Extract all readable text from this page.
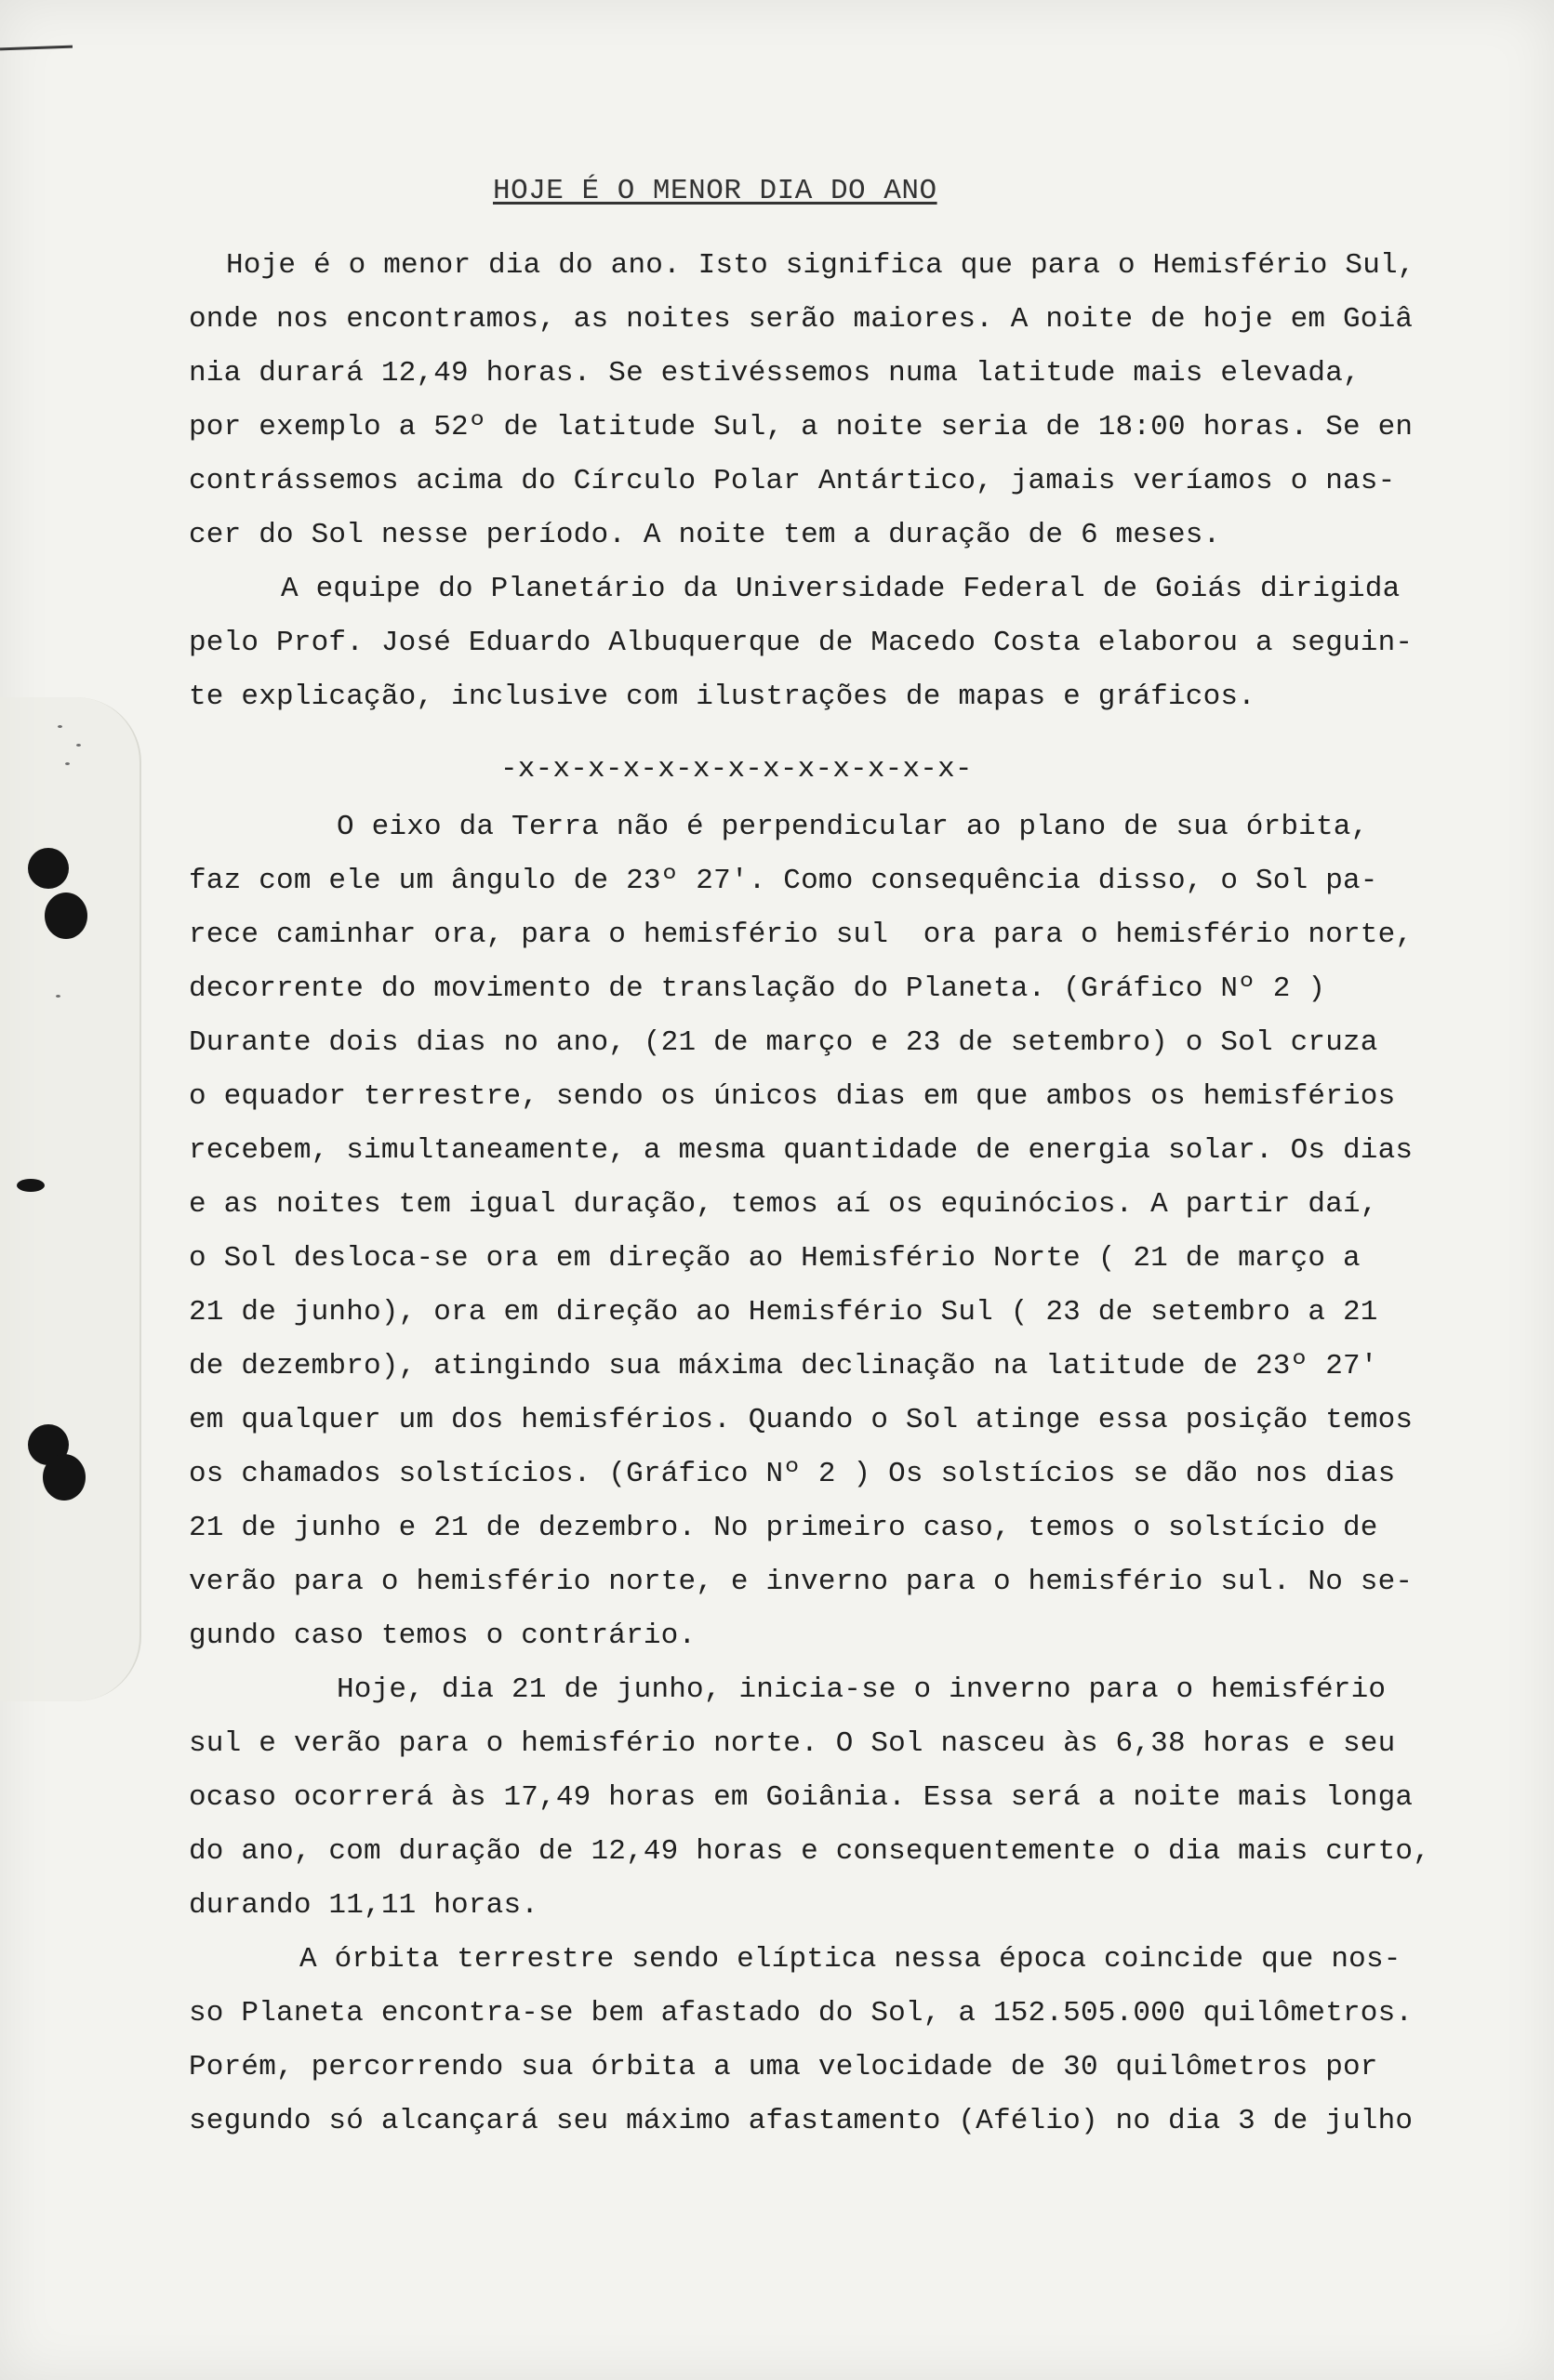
HOJE É O MENOR DIA DO ANO
Hoje é o menor dia do ano. Isto significa que para o Hemisfério Sul,
onde nos encontramos, as noites serão maiores. A noite de hoje em Goiâ
nia durará 12,49 horas. Se estivéssemos numa latitude mais elevada,
por exemplo a 52º de latitude Sul, a noite seria de 18:00 horas. Se en
contrássemos acima do Círculo Polar Antártico, jamais veríamos o nas-
cer do Sol nesse período. A noite tem a duração de 6 meses.
A equipe do Planetário da Universidade Federal de Goiás dirigida
pelo Prof. José Eduardo Albuquerque de Macedo Costa elaborou a seguin-
te explicação, inclusive com ilustrações de mapas e gráficos.
-x-x-x-x-x-x-x-x-x-x-x-x-x-
O eixo da Terra não é perpendicular ao plano de sua órbita,
faz com ele um ângulo de 23º 27'. Como consequência disso, o Sol pa-
rece caminhar ora, para o hemisfério sul  ora para o hemisfério norte,
decorrente do movimento de translação do Planeta. (Gráfico Nº 2 )
Durante dois dias no ano, (21 de março e 23 de setembro) o Sol cruza
o equador terrestre, sendo os únicos dias em que ambos os hemisférios
recebem, simultaneamente, a mesma quantidade de energia solar. Os dias
e as noites tem igual duração, temos aí os equinócios. A partir daí,
o Sol desloca-se ora em direção ao Hemisfério Norte ( 21 de março a
21 de junho), ora em direção ao Hemisfério Sul ( 23 de setembro a 21
de dezembro), atingindo sua máxima declinação na latitude de 23º 27'
em qualquer um dos hemisférios. Quando o Sol atinge essa posição temos
os chamados solstícios. (Gráfico Nº 2 ) Os solstícios se dão nos dias
21 de junho e 21 de dezembro. No primeiro caso, temos o solstício de
verão para o hemisfério norte, e inverno para o hemisfério sul. No se-
gundo caso temos o contrário.
Hoje, dia 21 de junho, inicia-se o inverno para o hemisfério
sul e verão para o hemisfério norte. O Sol nasceu às 6,38 horas e seu
ocaso ocorrerá às 17,49 horas em Goiânia. Essa será a noite mais longa
do ano, com duração de 12,49 horas e consequentemente o dia mais curto,
durando 11,11 horas.
A órbita terrestre sendo elíptica nessa época coincide que nos-
so Planeta encontra-se bem afastado do Sol, a 152.505.000 quilômetros.
Porém, percorrendo sua órbita a uma velocidade de 30 quilômetros por
segundo só alcançará seu máximo afastamento (Afélio) no dia 3 de julho
